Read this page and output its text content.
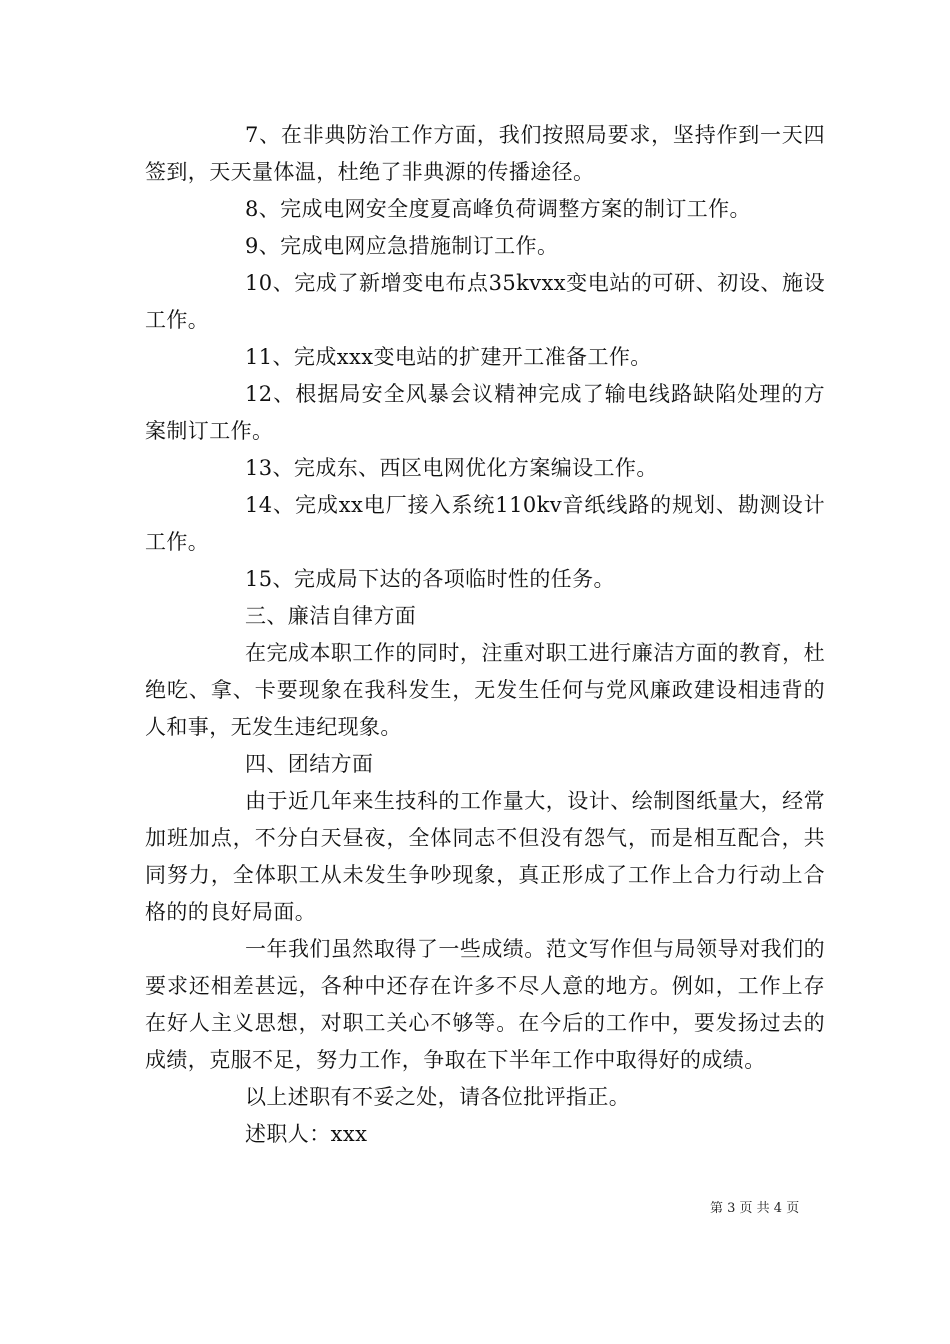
7、在非典防治工作方面，我们按照局要求，坚持作到一天四签到，天天量体温，杜绝了非典源的传播途径。

8、完成电网安全度夏高峰负荷调整方案的制订工作。

9、完成电网应急措施制订工作。

10、完成了新增变电布点35kvxx变电站的可研、初设、施设工作。

11、完成xxx变电站的扩建开工准备工作。

12、根据局安全风暴会议精神完成了输电线路缺陷处理的方案制订工作。

13、完成东、西区电网优化方案编设工作。

14、完成xx电厂接入系统110kv音纸线路的规划、勘测设计工作。

15、完成局下达的各项临时性的任务。

三、廉洁自律方面

在完成本职工作的同时，注重对职工进行廉洁方面的教育，杜绝吃、拿、卡要现象在我科发生，无发生任何与党风廉政建设相违背的人和事，无发生违纪现象。

四、团结方面

由于近几年来生技科的工作量大，设计、绘制图纸量大，经常加班加点，不分白天昼夜，全体同志不但没有怨气，而是相互配合，共同努力，全体职工从未发生争吵现象，真正形成了工作上合力行动上合格的的良好局面。

一年我们虽然取得了一些成绩。范文写作但与局领导对我们的要求还相差甚远，各种中还存在许多不尽人意的地方。例如，工作上存在好人主义思想，对职工关心不够等。在今后的工作中，要发扬过去的成绩，克服不足，努力工作，争取在下半年工作中取得好的成绩。

以上述职有不妥之处，请各位批评指正。

述职人：xxx

第 3 页 共 4 页
